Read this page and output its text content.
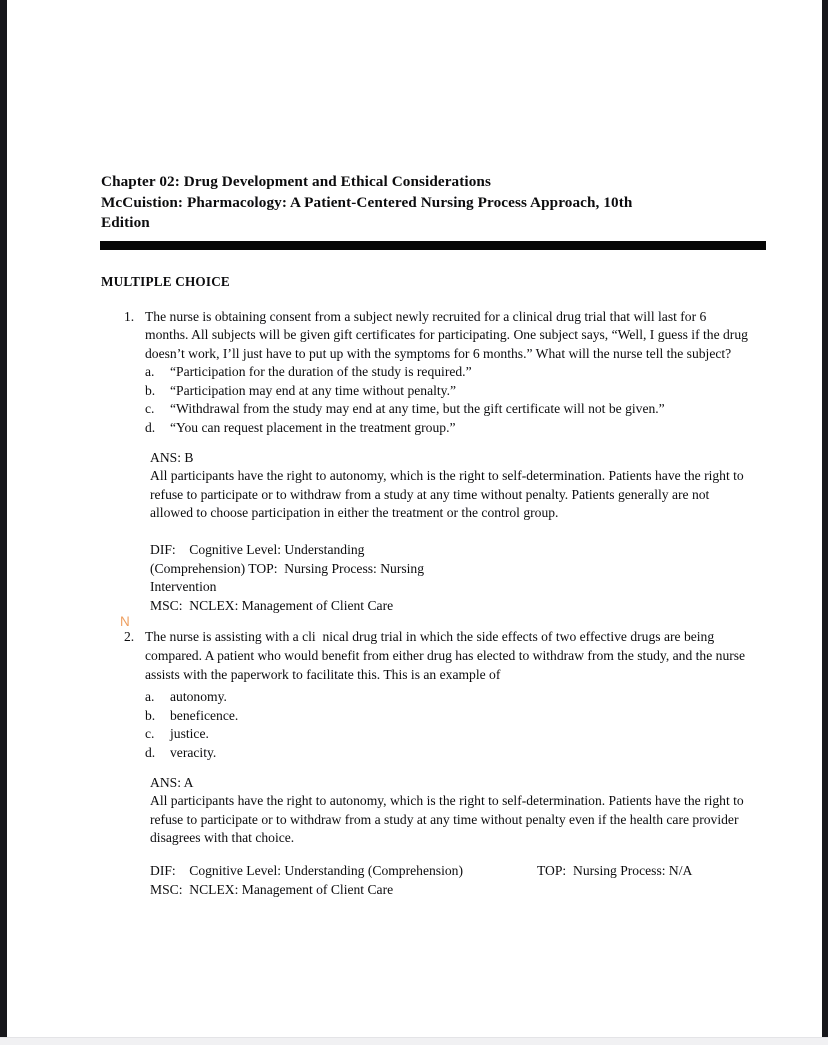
Chapter 02: Drug Development and Ethical Considerations
McCuistion: Pharmacology: A Patient-Centered Nursing Process Approach, 10th
Edition
MULTIPLE CHOICE
1. The nurse is obtaining consent from a subject newly recruited for a clinical drug trial that will last for 6 months. All subjects will be given gift certificates for participating. One subject says, “Well, I guess if the drug doesn’t work, I’ll just have to put up with the symptoms for 6 months.” What will the nurse tell the subject?
a.	“Participation for the duration of the study is required.”
b.	“Participation may end at any time without penalty.”
c.	“Withdrawal from the study may end at any time, but the gift certificate will not be given.”
d.	“You can request placement in the treatment group.”
ANS: B
All participants have the right to autonomy, which is the right to self-determination. Patients have the right to refuse to participate or to withdraw from a study at any time without penalty. Patients generally are not allowed to choose participation in either the treatment or the control group.
DIF:    Cognitive Level: Understanding
(Comprehension) TOP:  Nursing Process: Nursing
Intervention
MSC:  NCLEX: Management of Client Care
N
2. The nurse is assisting with a cli  nical drug trial in which the side effects of two effective drugs are being compared. A patient who would benefit from either drug has elected to withdraw from the study, and the nurse assists with the paperwork to facilitate this. This is an example of
a.	autonomy.
b.	beneficence.
c.	justice.
d.	veracity.
ANS: A
All participants have the right to autonomy, which is the right to self-determination. Patients have the right to refuse to participate or to withdraw from a study at any time without penalty even if the health care provider disagrees with that choice.
DIF:    Cognitive Level: Understanding (Comprehension)	TOP:  Nursing Process: N/A
MSC:  NCLEX: Management of Client Care
